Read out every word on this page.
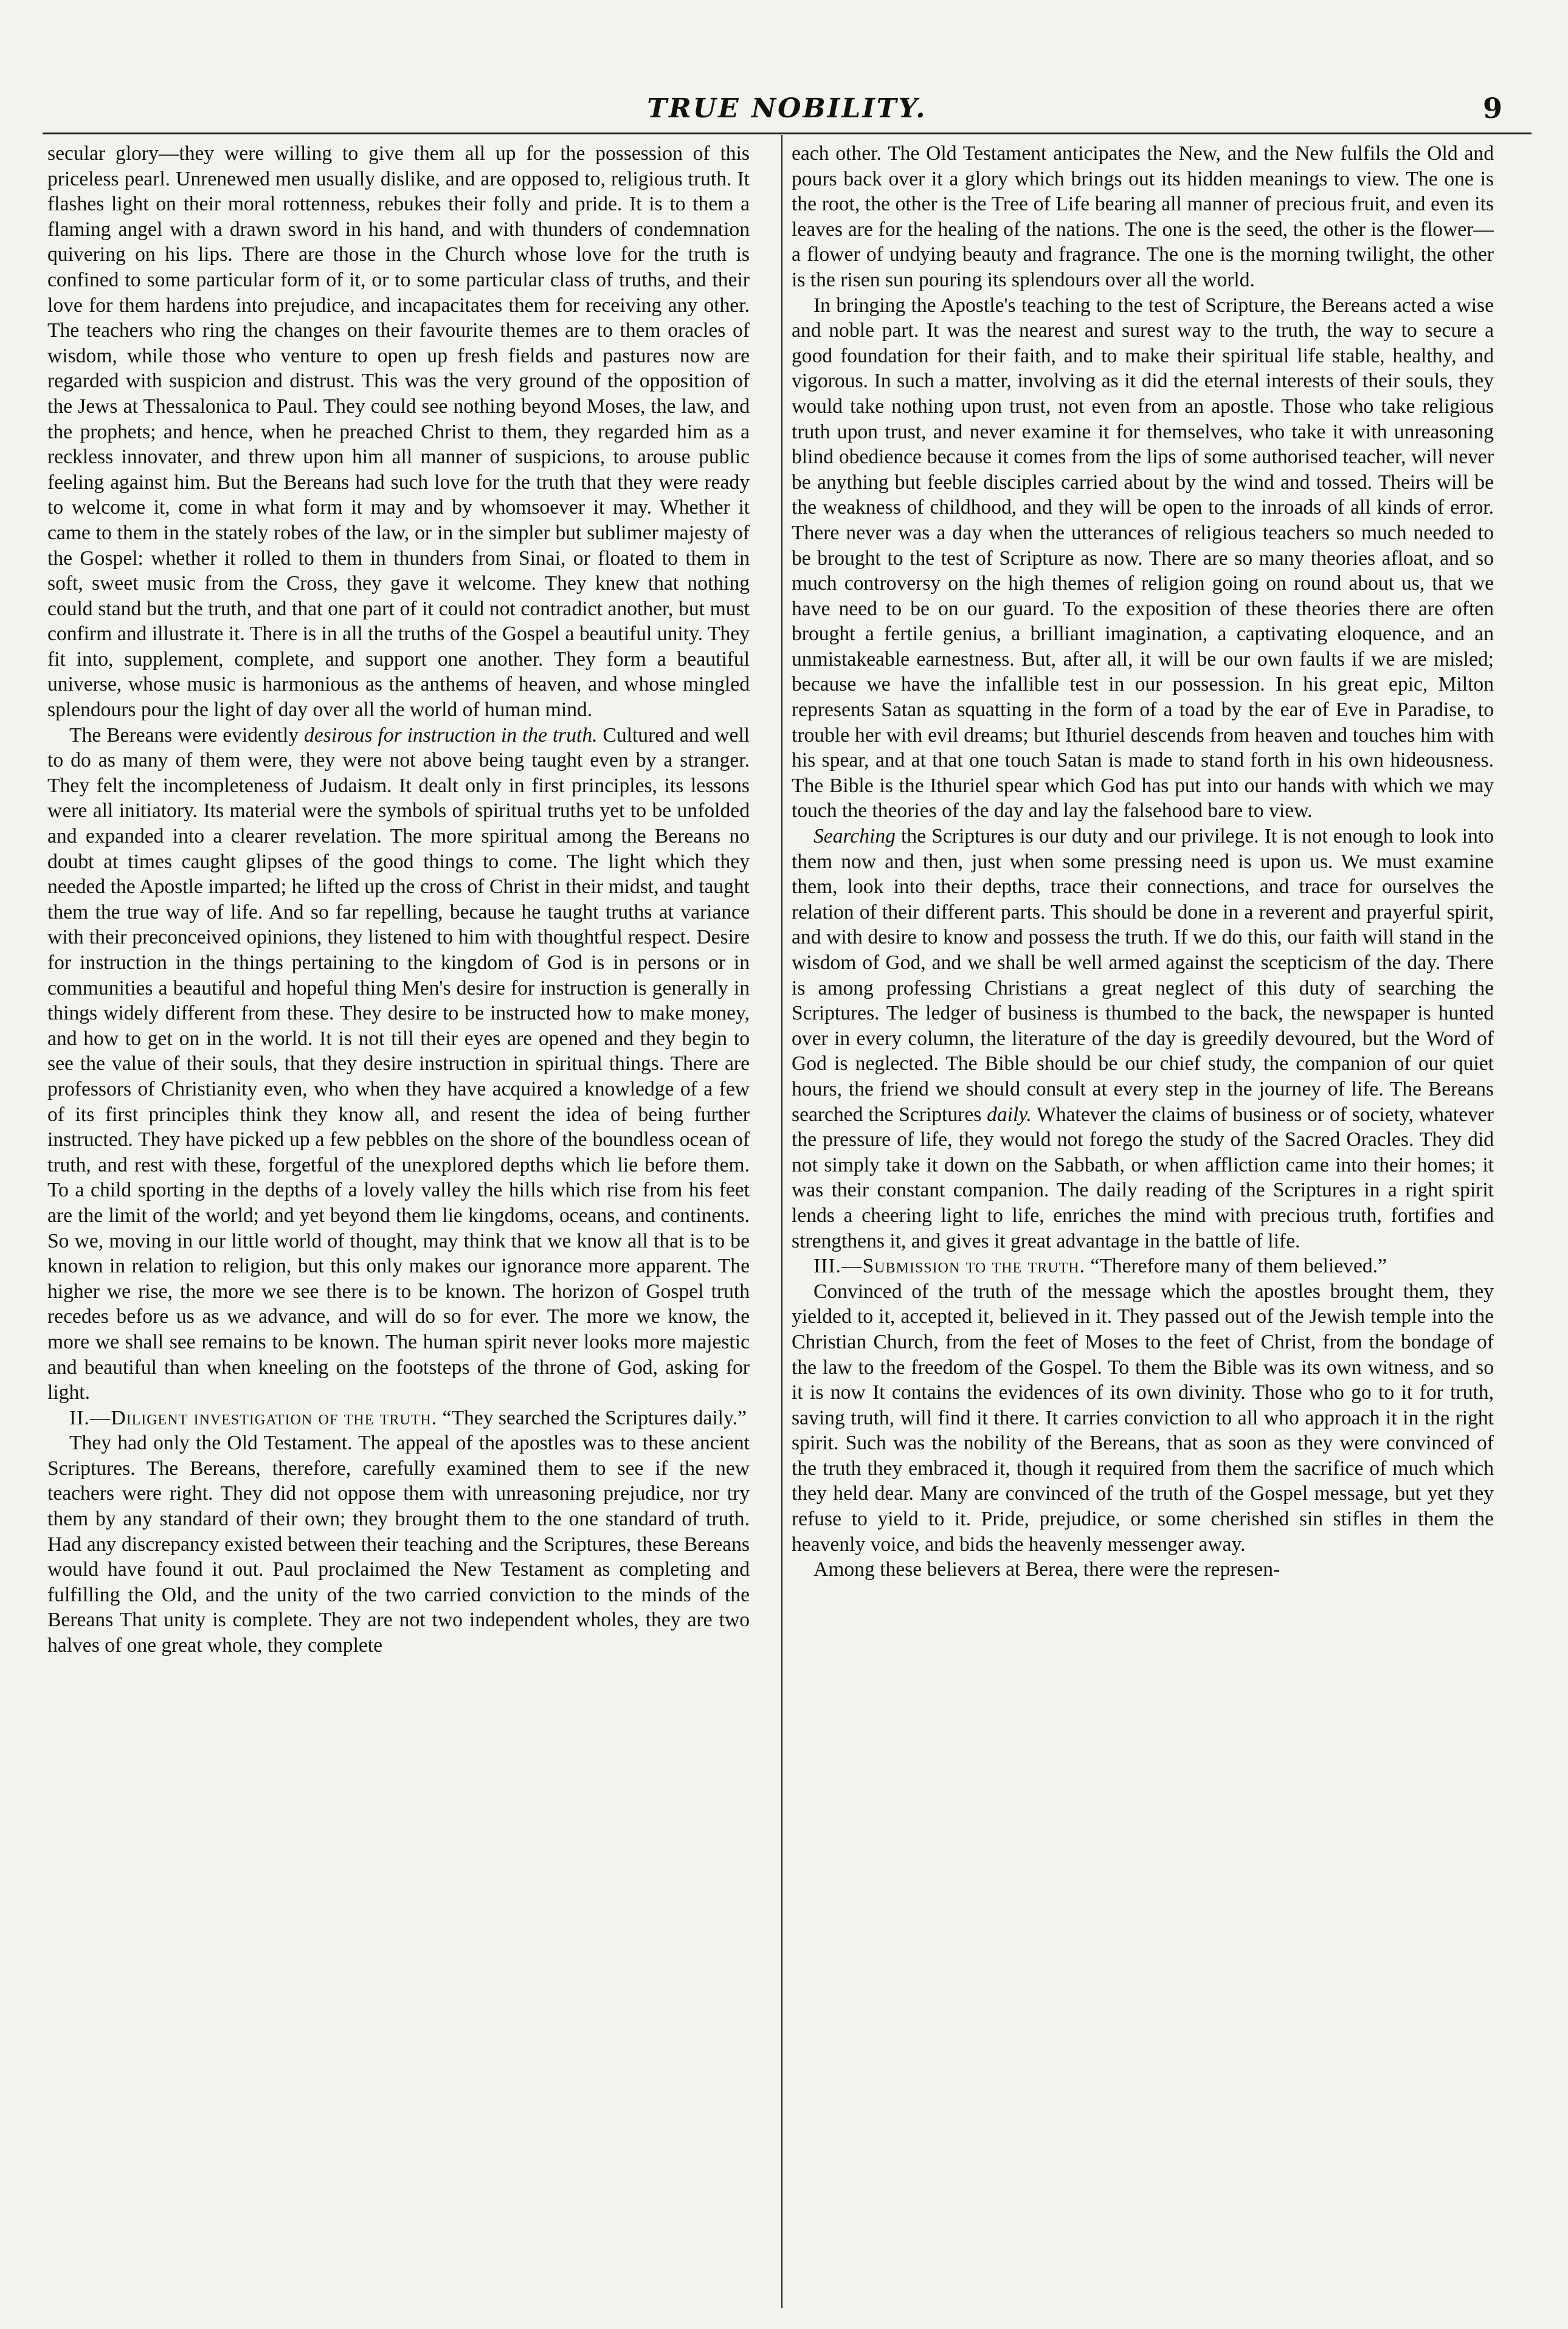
TRUE NOBILITY.	9

secular glory—they were willing to give them all up for the possession of this priceless pearl. Unrenewed men usually dislike, and are opposed to, religious truth. It flashes light on their moral rottenness, rebukes their folly and pride. It is to them a flaming angel with a drawn sword in his hand, and with thunders of condemnation quivering on his lips. There are those in the Church whose love for the truth is confined to some particular form of it, or to some particular class of truths, and their love for them hardens into prejudice, and incapacitates them for receiving any other. The teachers who ring the changes on their favourite themes are to them oracles of wisdom, while those who venture to open up fresh fields and pastures now are regarded with suspicion and distrust. This was the very ground of the opposition of the Jews at Thessalonica to Paul. They could see nothing beyond Moses, the law, and the prophets; and hence, when he preached Christ to them, they regarded him as a reckless innovater, and threw upon him all manner of suspicions, to arouse public feeling against him. But the Bereans had such love for the truth that they were ready to welcome it, come in what form it may and by whomsoever it may. Whether it came to them in the stately robes of the law, or in the simpler but sublimer majesty of the Gospel: whether it rolled to them in thunders from Sinai, or floated to them in soft, sweet music from the Cross, they gave it welcome. They knew that nothing could stand but the truth, and that one part of it could not contradict another, but must confirm and illustrate it. There is in all the truths of the Gospel a beautiful unity. They fit into, supplement, complete, and support one another. They form a beautiful universe, whose music is harmonious as the anthems of heaven, and whose mingled splendours pour the light of day over all the world of human mind.

The Bereans were evidently desirous for instruction in the truth. Cultured and well to do as many of them were, they were not above being taught even by a stranger. They felt the incompleteness of Judaism. It dealt only in first principles, its lessons were all initiatory. Its material were the symbols of spiritual truths yet to be unfolded and expanded into a clearer revelation. The more spiritual among the Bereans no doubt at times caught glipses of the good things to come. The light which they needed the Apostle imparted; he lifted up the cross of Christ in their midst, and taught them the true way of life. And so far repelling, because he taught truths at variance with their preconceived opinions, they listened to him with thoughtful respect. Desire for instruction in the things pertaining to the kingdom of God is in persons or in communities a beautiful and hopeful thing Men's desire for instruction is generally in things widely different from these. They desire to be instructed how to make money, and how to get on in the world. It is not till their eyes are opened and they begin to see the value of their souls, that they desire instruction in spiritual things. There are professors of Christianity even, who when they have acquired a knowledge of a few of its first principles think they know all, and resent the idea of being further instructed. They have picked up a few pebbles on the shore of the boundless ocean of truth, and rest with these, forgetful of the unexplored depths which lie before them. To a child sporting in the depths of a lovely valley the hills which rise from his feet are the limit of the world; and yet beyond them lie kingdoms, oceans, and continents. So we, moving in our little world of thought, may think that we know all that is to be known in relation to religion, but this only makes our ignorance more apparent. The higher we rise, the more we see there is to be known. The horizon of Gospel truth recedes before us as we advance, and will do so for ever. The more we know, the more we shall see remains to be known. The human spirit never looks more majestic and beautiful than when kneeling on the footsteps of the throne of God, asking for light.

II.—Diligent investigation of the truth. “They searched the Scriptures daily.”

They had only the Old Testament. The appeal of the apostles was to these ancient Scriptures. The Bereans, therefore, carefully examined them to see if the new teachers were right. They did not oppose them with unreasoning prejudice, nor try them by any standard of their own; they brought them to the one standard of truth. Had any discrepancy existed between their teaching and the Scriptures, these Bereans would have found it out. Paul proclaimed the New Testament as completing and fulfilling the Old, and the unity of the two carried conviction to the minds of the Bereans That unity is complete. They are not two independent wholes, they are two halves of one great whole, they complete

each other. The Old Testament anticipates the New, and the New fulfils the Old and pours back over it a glory which brings out its hidden meanings to view. The one is the root, the other is the Tree of Life bearing all manner of precious fruit, and even its leaves are for the healing of the nations. The one is the seed, the other is the flower—a flower of undying beauty and fragrance. The one is the morning twilight, the other is the risen sun pouring its splendours over all the world.

In bringing the Apostle's teaching to the test of Scripture, the Bereans acted a wise and noble part. It was the nearest and surest way to the truth, the way to secure a good foundation for their faith, and to make their spiritual life stable, healthy, and vigorous. In such a matter, involving as it did the eternal interests of their souls, they would take nothing upon trust, not even from an apostle. Those who take religious truth upon trust, and never examine it for themselves, who take it with unreasoning blind obedience because it comes from the lips of some authorised teacher, will never be anything but feeble disciples carried about by the wind and tossed. Theirs will be the weakness of childhood, and they will be open to the inroads of all kinds of error. There never was a day when the utterances of religious teachers so much needed to be brought to the test of Scripture as now. There are so many theories afloat, and so much controversy on the high themes of religion going on round about us, that we have need to be on our guard. To the exposition of these theories there are often brought a fertile genius, a brilliant imagination, a captivating eloquence, and an unmistakeable earnestness. But, after all, it will be our own faults if we are misled; because we have the infallible test in our possession. In his great epic, Milton represents Satan as squatting in the form of a toad by the ear of Eve in Paradise, to trouble her with evil dreams; but Ithuriel descends from heaven and touches him with his spear, and at that one touch Satan is made to stand forth in his own hideousness. The Bible is the Ithuriel spear which God has put into our hands with which we may touch the theories of the day and lay the falsehood bare to view.

Searching the Scriptures is our duty and our privilege. It is not enough to look into them now and then, just when some pressing need is upon us. We must examine them, look into their depths, trace their connections, and trace for ourselves the relation of their different parts. This should be done in a reverent and prayerful spirit, and with desire to know and possess the truth. If we do this, our faith will stand in the wisdom of God, and we shall be well armed against the scepticism of the day. There is among professing Christians a great neglect of this duty of searching the Scriptures. The ledger of business is thumbed to the back, the newspaper is hunted over in every column, the literature of the day is greedily devoured, but the Word of God is neglected. The Bible should be our chief study, the companion of our quiet hours, the friend we should consult at every step in the journey of life. The Bereans searched the Scriptures daily. Whatever the claims of business or of society, whatever the pressure of life, they would not forego the study of the Sacred Oracles. They did not simply take it down on the Sabbath, or when affliction came into their homes; it was their constant companion. The daily reading of the Scriptures in a right spirit lends a cheering light to life, enriches the mind with precious truth, fortifies and strengthens it, and gives it great advantage in the battle of life.

III.—Submission to the truth. “Therefore many of them believed.”

Convinced of the truth of the message which the apostles brought them, they yielded to it, accepted it, believed in it. They passed out of the Jewish temple into the Christian Church, from the feet of Moses to the feet of Christ, from the bondage of the law to the freedom of the Gospel. To them the Bible was its own witness, and so it is now It contains the evidences of its own divinity. Those who go to it for truth, saving truth, will find it there. It carries conviction to all who approach it in the right spirit. Such was the nobility of the Bereans, that as soon as they were convinced of the truth they embraced it, though it required from them the sacrifice of much which they held dear. Many are convinced of the truth of the Gospel message, but yet they refuse to yield to it. Pride, prejudice, or some cherished sin stifles in them the heavenly voice, and bids the heavenly messenger away.

Among these believers at Berea, there were the represen-
